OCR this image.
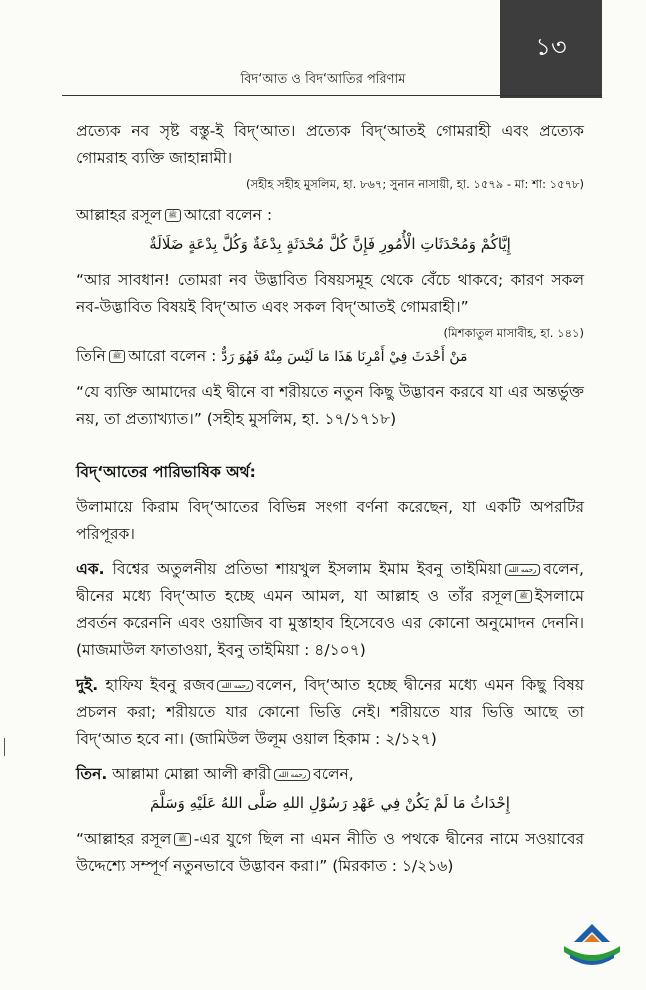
১৩
বিদ‘আত ও বিদ‘আতির পরিণাম

প্রত্যেক নব সৃষ্ট বস্তু-ই বিদ্‘আত। প্রত্যেক বিদ্‘আতই গোমরাহী এবং প্রত্যেক গোমরাহ ব্যক্তি জাহান্নামী।

(সহীহ সহীহ মুসলিম, হা. ৮৬৭; সুনান নাসায়ী, হা. ১৫৭৯ - মা: শা: ১৫৭৮)

আল্লাহর রসূল ﷺ আরো বলেন :

إِيَّاكُمْ وَمُحْدَثَاتِ الْأُمُورِ فَإِنَّ كُلَّ مُحْدَثَةٍ بِدْعَةٌ وَكُلَّ بِدْعَةٍ ضَلَالَةٌ

“আর সাবধান! তোমরা নব উদ্ভাবিত বিষয়সমূহ থেকে বেঁচে থাকবে; কারণ সকল নব-উদ্ভাবিত বিষয়ই বিদ্‘আত এবং সকল বিদ্‘আতই গোমরাহী।”

(মিশকাতুল মাসাবীহ, হা. ১৪১)

তিনি ﷺ আরো বলেন : مَنْ أَحْدَثَ فِيْ أَمْرِنَا هَذَا مَا لَيْسَ مِنْهُ فَهُوَ رَدٌّ

“যে ব্যক্তি আমাদের এই দ্বীনে বা শরীয়তে নতুন কিছু উদ্ভাবন করবে যা এর অন্তর্ভুক্ত নয়, তা প্রত্যাখ্যাত।” (সহীহ মুসলিম, হা. ১৭/১৭১৮)

বিদ্‘আতের পারিভাষিক অর্থ:

উলামায়ে কিরাম বিদ্‘আতের বিভিন্ন সংগা বর্ণনা করেছেন, যা একটি অপরটির পরিপূরক।

এক. বিশ্বের অতুলনীয় প্রতিভা শায়খুল ইসলাম ইমাম ইবনু তাইমিয়া رحمه الله বলেন, দ্বীনের মধ্যে বিদ্‘আত হচ্ছে এমন আমল, যা আল্লাহ ও তাঁর রসূল ﷺ ইসলামে প্রবর্তন করেননি এবং ওয়াজিব বা মুস্তাহাব হিসেবেও এর কোনো অনুমোদন দেননি। (মাজমাউল ফাতাওয়া, ইবনু তাইমিয়া : ৪/১০৭)

দুই. হাফিয ইবনু রজব رحمه الله বলেন, বিদ্‘আত হচ্ছে দ্বীনের মধ্যে এমন কিছু বিষয় প্রচলন করা; শরীয়তে যার কোনো ভিত্তি নেই। শরীয়তে যার ভিত্তি আছে তা বিদ্‘আত হবে না। (জামিউল উলূম ওয়াল হিকাম : ২/১২৭)

তিন. আল্লামা মোল্লা আলী ক্বারী رحمه الله বলেন,

إِحْدَاثُ مَا لَمْ يَكُنْ فِي عَهْدِ رَسُوْلِ اللهِ صَلَّى اللهُ عَلَيْهِ وَسَلَّمَ

“আল্লাহর রসূল ﷺ -এর যুগে ছিল না এমন নীতি ও পথকে দ্বীনের নামে সওয়াবের উদ্দেশ্যে সম্পূর্ণ নতুনভাবে উদ্ভাবন করা।” (মিরকাত : ১/২১৬)
